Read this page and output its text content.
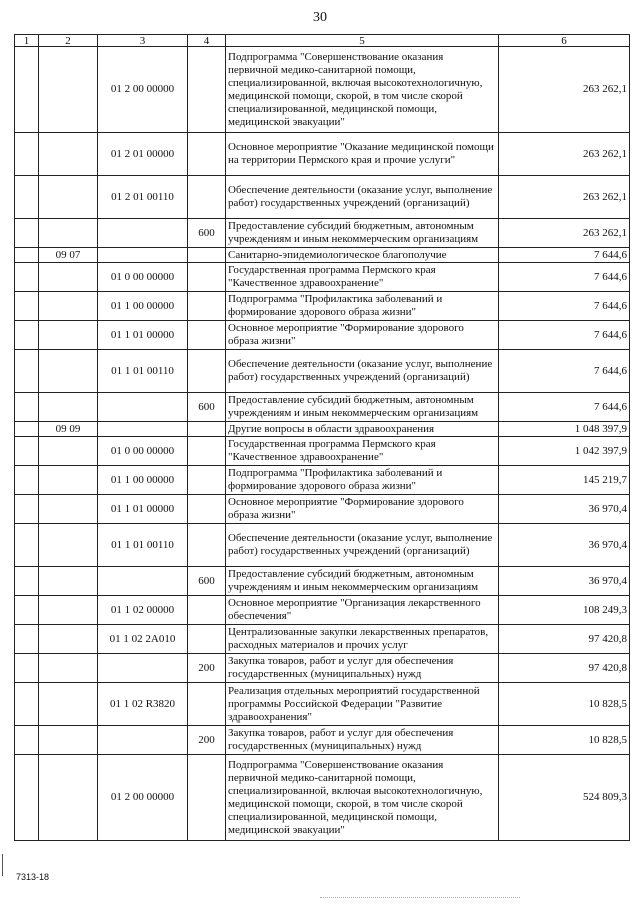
30
1	2	3	4	5	6
		01 2 00 00000		Подпрограмма "Совершенствование оказания первичной медико-санитарной помощи, специализированной, включая высокотехнологичную, медицинской помощи, скорой, в том числе скорой специализированной, медицинской помощи, медицинской эвакуации"	263 262,1
		01 2 01 00000		Основное мероприятие "Оказание медицинской помощи на территории Пермского края и прочие услуги"	263 262,1
		01 2 01 00110		Обеспечение деятельности (оказание услуг, выполнение работ) государственных учреждений (организаций)	263 262,1
			600	Предоставление субсидий бюджетным, автономным учреждениям и иным некоммерческим организациям	263 262,1
	09 07			Санитарно-эпидемиологическое благополучие	7 644,6
		01 0 00 00000		Государственная программа Пермского края "Качественное здравоохранение"	7 644,6
		01 1 00 00000		Подпрограмма "Профилактика заболеваний и формирование здорового образа жизни"	7 644,6
		01 1 01 00000		Основное мероприятие "Формирование здорового образа жизни"	7 644,6
		01 1 01 00110		Обеспечение деятельности (оказание услуг, выполнение работ) государственных учреждений (организаций)	7 644,6
			600	Предоставление субсидий бюджетным, автономным учреждениям и иным некоммерческим организациям	7 644,6
	09 09			Другие вопросы в области здравоохранения	1 048 397,9
		01 0 00 00000		Государственная программа Пермского края "Качественное здравоохранение"	1 042 397,9
		01 1 00 00000		Подпрограмма "Профилактика заболеваний и формирование здорового образа жизни"	145 219,7
		01 1 01 00000		Основное мероприятие "Формирование здорового образа жизни"	36 970,4
		01 1 01 00110		Обеспечение деятельности (оказание услуг, выполнение работ) государственных учреждений (организаций)	36 970,4
			600	Предоставление субсидий бюджетным, автономным учреждениям и иным некоммерческим организациям	36 970,4
		01 1 02 00000		Основное мероприятие "Организация лекарственного обеспечения"	108 249,3
		01 1 02 2A010		Централизованные закупки лекарственных препаратов, расходных материалов и прочих услуг	97 420,8
			200	Закупка товаров, работ и услуг для обеспечения государственных (муниципальных) нужд	97 420,8
		01 1 02 R3820		Реализация отдельных мероприятий государственной программы Российской Федерации "Развитие здравоохранения"	10 828,5
			200	Закупка товаров, работ и услуг для обеспечения государственных (муниципальных) нужд	10 828,5
		01 2 00 00000		Подпрограмма "Совершенствование оказания первичной медико-санитарной помощи, специализированной, включая высокотехнологичную, медицинской помощи, скорой, в том числе скорой специализированной, медицинской помощи, медицинской эвакуации"	524 809,3
7313-18
